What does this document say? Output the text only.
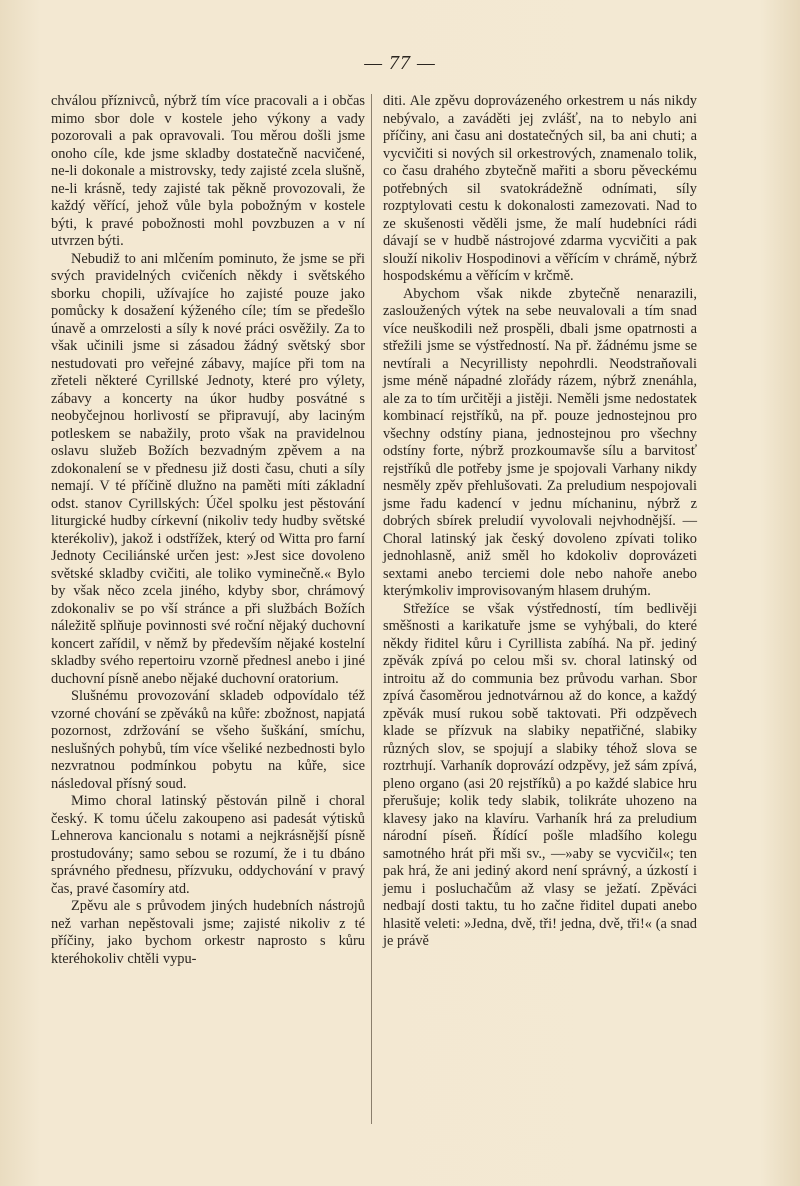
— 77 —

chválou příznivců, nýbrž tím více pracovali a i občas mimo sbor dole v kostele jeho výkony a vady pozorovali a pak opravovali. Tou měrou došli jsme onoho cíle, kde jsme skladby dostatečně nacvičené, ne-li dokonale a mistrovsky, tedy zajisté zcela slušně, ne-li krásně, tedy zajisté tak pěkně provozovali, že každý věřící, jehož vůle byla pobožným v kostele býti, k pravé pobožnosti mohl povzbuzen a v ní utvrzen býti.

Nebudiž to ani mlčením pominuto, že jsme se při svých pravidelných cvičeních někdy i světského sborku chopili, užívajíce ho zajisté pouze jako pomůcky k dosažení kýženého cíle; tím se předešlo únavě a omrzelosti a síly k nové práci osvěžily. Za to však učinili jsme si zásadou žádný světský sbor nestudovati pro veřejné zábavy, majíce při tom na zřeteli některé Cyrillské Jednoty, které pro výlety, zábavy a koncerty na úkor hudby posvátné s neobyčejnou horlivostí se připravují, aby laciným potleskem se nabažily, proto však na pravidelnou oslavu služeb Božích bezvadným zpěvem a na zdokonalení se v přednesu již dosti času, chuti a síly nemají. V té příčině dlužno na paměti míti základní odst. stanov Cyrillských: Účel spolku jest pěstování liturgické hudby církevní (nikoliv tedy hudby světské kterékoliv), jakož i odstřížek, který od Witta pro farní Jednoty Ceciliánské určen jest: »Jest sice dovoleno světské skladby cvičiti, ale toliko vyminečně.« Bylo by však něco zcela jiného, kdyby sbor, chrámový zdokonaliv se po vší stránce a při službách Božích náležitě splňuje povinnosti své roční nějaký duchovní koncert zařídil, v němž by především nějaké kostelní skladby svého repertoiru vzorně přednesl anebo i jiné duchovní písně anebo nějaké duchovní oratorium.

Slušnému provozování skladeb odpovídalo též vzorné chování se zpěváků na kůře: zbožnost, napjatá pozornost, zdržování se všeho šuškání, smíchu, neslušných pohybů, tím více všeliké nezbednosti bylo nezvratnou podmínkou pobytu na kůře, sice následoval přísný soud.

Mimo choral latinský pěstován pilně i choral český. K tomu účelu zakoupeno asi padesát výtisků Lehnerova kancionalu s notami a nejkrásnější písně prostudovány; samo sebou se rozumí, že i tu dbáno správného přednesu, přízvuku, oddychování v pravý čas, pravé časomíry atd.

Zpěvu ale s průvodem jiných hudebních nástrojů než varhan nepěstovali jsme; zajisté nikoliv z té příčiny, jako bychom orkestr naprosto s kůru kteréhokoliv chtěli vypu-

diti. Ale zpěvu doprovázeného orkestrem u nás nikdy nebývalo, a zaváděti jej zvlášť, na to nebylo ani příčiny, ani času ani dostatečných sil, ba ani chuti; a vycvičiti si nových sil orkestrových, znamenalo tolik, co času drahého zbytečně mařiti a sboru pěveckému potřebných sil svatokrádežně odnímati, síly rozptylovati cestu k dokonalosti zamezovati. Nad to ze skušenosti věděli jsme, že malí hudebníci rádi dávají se v hudbě nástrojové zdarma vycvičiti a pak slouží nikoliv Hospodinovi a věřícím v chrámě, nýbrž hospodskému a věřícím v krčmě.

Abychom však nikde zbytečně nenarazili, zasloužených výtek na sebe neuvalovali a tím snad více neuškodili než prospěli, dbali jsme opatrnosti a střežili jsme se výstředností. Na př. žádnému jsme se nevtírali a Necyrillisty nepohrdli. Neodstraňovali jsme méně nápadné zlořády rázem, nýbrž znenáhla, ale za to tím určitěji a jistěji. Neměli jsme nedostatek kombinací rejstříků, na př. pouze jednostejnou pro všechny odstíny piana, jednostejnou pro všechny odstíny forte, nýbrž prozkoumavše sílu a barvitosť rejstříků dle potřeby jsme je spojovali Varhany nikdy nesměly zpěv přehlušovati. Za preludium nespojovali jsme řadu kadencí v jednu míchaninu, nýbrž z dobrých sbírek preludií vyvolovali nejvhodnější. — Choral latinský jak český dovoleno zpívati toliko jednohlasně, aniž směl ho kdokoliv doprovázeti sextami anebo terciemi dole nebo nahoře anebo kterýmkoliv improvisovaným hlasem druhým.

Střežíce se však výstředností, tím bedlivěji směšnosti a karikatuře jsme se vyhýbali, do které někdy řiditel kůru i Cyrillista zabíhá. Na př. jediný zpěvák zpívá po celou mši sv. choral latinský od introitu až do communia bez průvodu varhan. Sbor zpívá časoměrou jednotvárnou až do konce, a každý zpěvák musí rukou sobě taktovati. Při odzpěvech klade se přízvuk na slabiky nepatřičné, slabiky různých slov, se spojují a slabiky téhož slova se roztrhují. Varhaník doprovází odzpěvy, jež sám zpívá, pleno organo (asi 20 rejstříků) a po každé slabice hru přerušuje; kolik tedy slabik, tolikráte uhozeno na klavesy jako na klavíru. Varhaník hrá za preludium národní píseň. Řídící pošle mladšího kolegu samotného hrát při mši sv., —»aby se vycvičil«; ten pak hrá, že ani jediný akord není správný, a úzkostí i jemu i posluchačům až vlasy se ježatí. Zpěváci nedbají dosti taktu, tu ho začne řiditel dupati anebo hlasitě veleti: »Jedna, dvě, tři! jedna, dvě, tři!« (a snad je právě
